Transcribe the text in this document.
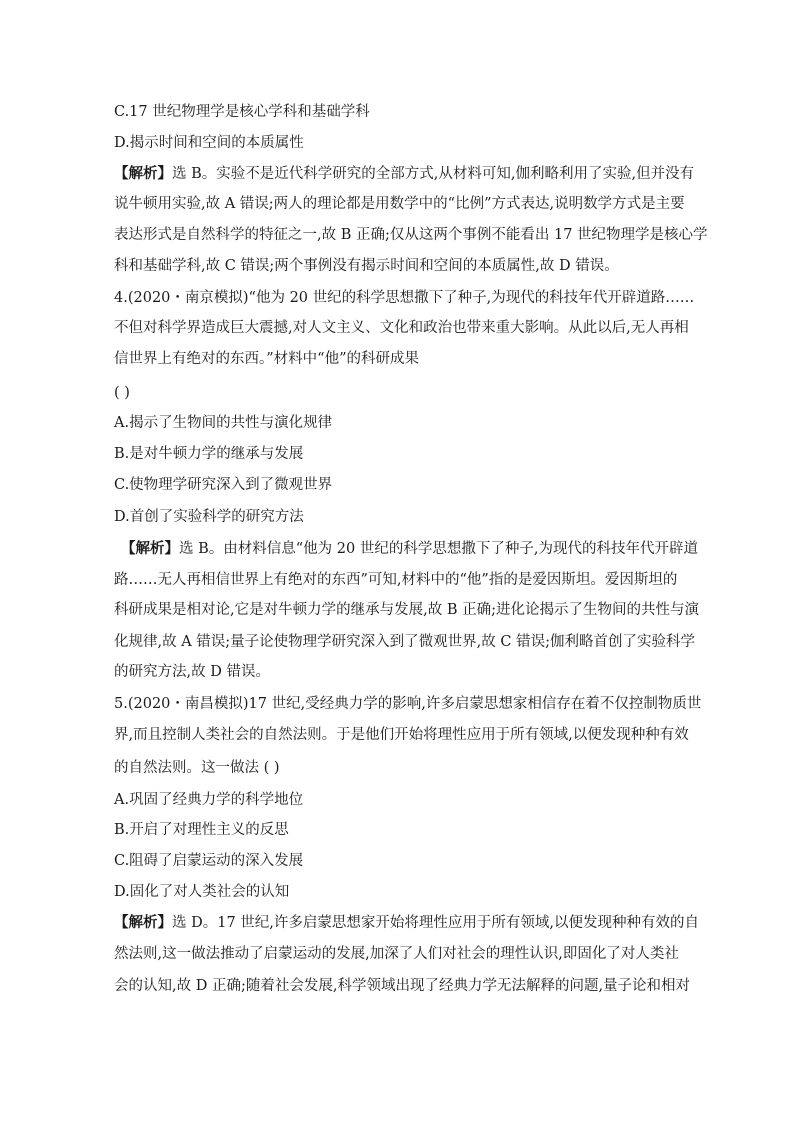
C.17 世纪物理学是核心学科和基础学科
D.揭示时间和空间的本质属性
【解析】选 B。实验不是近代科学研究的全部方式,从材料可知,伽利略利用了实验,但并没有
说牛顿用实验,故 A 错误;两人的理论都是用数学中的“比例”方式表达,说明数学方式是主要
表达形式是自然科学的特征之一,故 B 正确;仅从这两个事例不能看出 17 世纪物理学是核心学
科和基础学科,故 C 错误;两个事例没有揭示时间和空间的本质属性,故 D 错误。
4.(2020・南京模拟)“他为 20 世纪的科学思想撒下了种子,为现代的科技年代开辟道路……
不但对科学界造成巨大震撼,对人文主义、文化和政治也带来重大影响。从此以后,无人再相
信世界上有绝对的东西。”材料中“他”的科研成果
( )
A.揭示了生物间的共性与演化规律
B.是对牛顿力学的继承与发展
C.使物理学研究深入到了微观世界
D.首创了实验科学的研究方法
【解析】选 B。由材料信息“他为 20 世纪的科学思想撒下了种子,为现代的科技年代开辟道
路……无人再相信世界上有绝对的东西”可知,材料中的“他”指的是爱因斯坦。爱因斯坦的
科研成果是相对论,它是对牛顿力学的继承与发展,故 B 正确;进化论揭示了生物间的共性与演
化规律,故 A 错误;量子论使物理学研究深入到了微观世界,故 C 错误;伽利略首创了实验科学
的研究方法,故 D 错误。
5.(2020・南昌模拟)17 世纪,受经典力学的影响,许多启蒙思想家相信存在着不仅控制物质世
界,而且控制人类社会的自然法则。于是他们开始将理性应用于所有领域,以便发现种种有效
的自然法则。这一做法 ( )
A.巩固了经典力学的科学地位
B.开启了对理性主义的反思
C.阻碍了启蒙运动的深入发展
D.固化了对人类社会的认知
【解析】选 D。17 世纪,许多启蒙思想家开始将理性应用于所有领域,以便发现种种有效的自
然法则,这一做法推动了启蒙运动的发展,加深了人们对社会的理性认识,即固化了对人类社
会的认知,故 D 正确;随着社会发展,科学领域出现了经典力学无法解释的问题,量子论和相对
